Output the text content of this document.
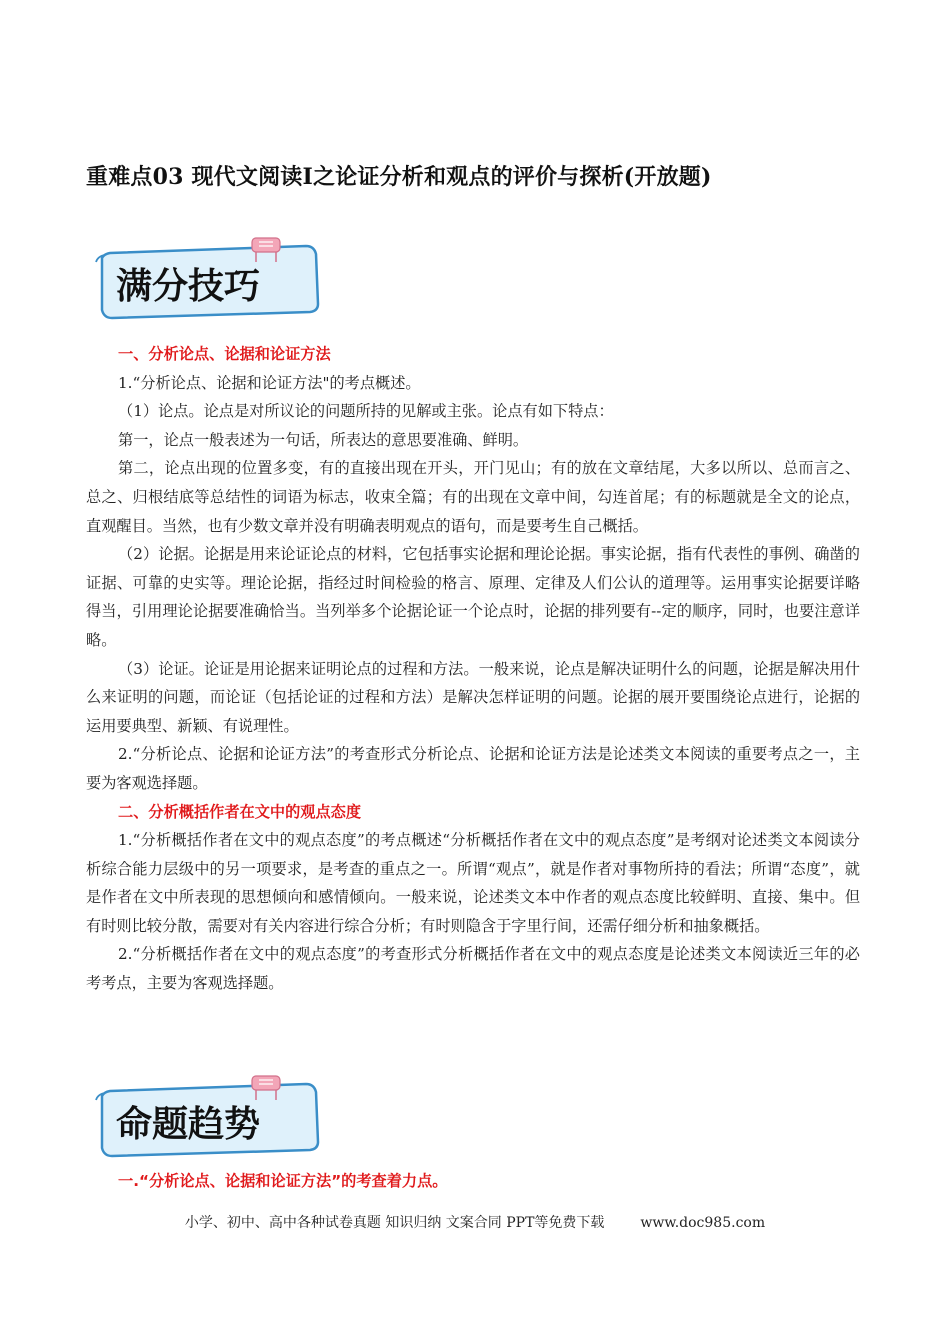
重难点03 现代文阅读Ⅰ之论证分析和观点的评价与探析(开放题)
满分技巧

一、分析论点、论据和论证方法

1.“分析论点、论据和论证方法"的考点概述。

（1）论点。论点是对所议论的问题所持的见解或主张。论点有如下特点：

第一，论点一般表述为一句话，所表达的意思要准确、鲜明。

第二，论点出现的位置多变，有的直接出现在开头，开门见山；有的放在文章结尾，大多以所以、总而言之、总之、归根结底等总结性的词语为标志，收束全篇；有的出现在文章中间，勾连首尾；有的标题就是全文的论点，直观醒目。当然，也有少数文章并没有明确表明观点的语句，而是要考生自己概括。

（2）论据。论据是用来论证论点的材料，它包括事实论据和理论论据。事实论据，指有代表性的事例、确凿的证据、可靠的史实等。理论论据，指经过时间检验的格言、原理、定律及人们公认的道理等。运用事实论据要详略得当，引用理论论据要准确恰当。当列举多个论据论证一个论点时，论据的排列要有--定的顺序，同时，也要注意详略。

（3）论证。论证是用论据来证明论点的过程和方法。一般来说，论点是解决证明什么的问题，论据是解决用什么来证明的问题，而论证（包括论证的过程和方法）是解决怎样证明的问题。论据的展开要围绕论点进行，论据的运用要典型、新颖、有说理性。

2.“分析论点、论据和论证方法”的考查形式分析论点、论据和论证方法是论述类文本阅读的重要考点之一，主要为客观选择题。

二、分析概括作者在文中的观点态度

1.“分析概括作者在文中的观点态度”的考点概述“分析概括作者在文中的观点态度”是考纲对论述类文本阅读分析综合能力层级中的另一项要求，是考查的重点之一。所谓“观点”，就是作者对事物所持的看法；所谓“态度”，就是作者在文中所表现的思想倾向和感情倾向。一般来说，论述类文本中作者的观点态度比较鲜明、直接、集中。但有时则比较分散，需要对有关内容进行综合分析；有时则隐含于字里行间，还需仔细分析和抽象概括。

2.“分析概括作者在文中的观点态度”的考查形式分析概括作者在文中的观点态度是论述类文本阅读近三年的必考考点，主要为客观选择题。

命题趋势

一.“分析论点、论据和论证方法”的考查着力点。

小学、初中、高中各种试卷真题 知识归纳 文案合同 PPT等免费下载	www.doc985.com
